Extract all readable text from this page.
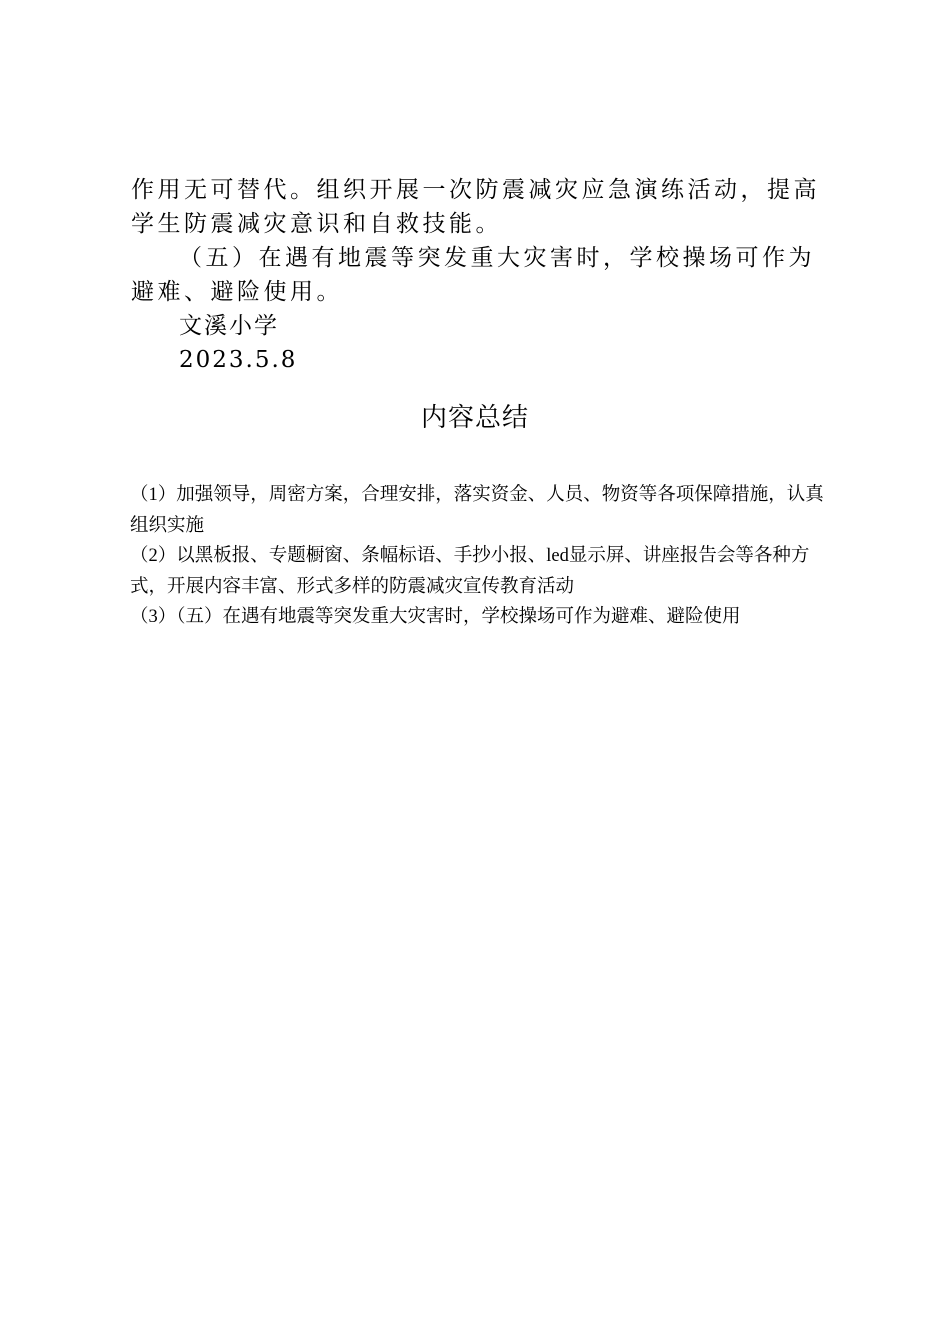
作用无可替代。组织开展一次防震减灾应急演练活动，提高学生防震减灾意识和自救技能。

（五）在遇有地震等突发重大灾害时，学校操场可作为避难、避险使用。

文溪小学

2023.5.8

内容总结

（1）加强领导，周密方案，合理安排，落实资金、人员、物资等各项保障措施，认真组织实施

（2）以黑板报、专题橱窗、条幅标语、手抄小报、led显示屏、讲座报告会等各种方式，开展内容丰富、形式多样的防震减灾宣传教育活动

（3）（五）在遇有地震等突发重大灾害时，学校操场可作为避难、避险使用
